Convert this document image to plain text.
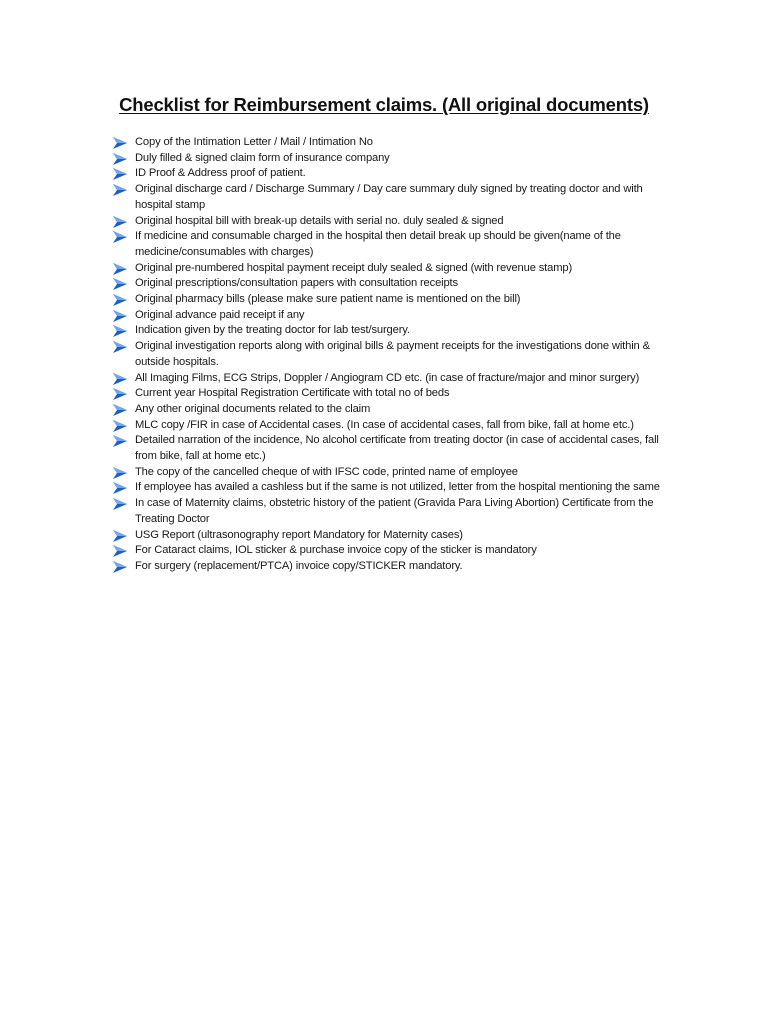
Checklist for Reimbursement claims. (All original documents)
Copy of the Intimation Letter / Mail / Intimation No
Duly filled & signed claim form of insurance company
ID Proof & Address proof of patient.
Original discharge card / Discharge Summary / Day care summary duly signed by treating doctor and with hospital stamp
Original hospital bill with break-up details with serial no. duly sealed & signed
If medicine and consumable charged in the hospital then detail break up should be given(name of the medicine/consumables with charges)
Original pre-numbered hospital payment receipt duly sealed & signed (with revenue stamp)
Original prescriptions/consultation papers with consultation receipts
Original pharmacy bills (please make sure patient name is mentioned on the bill)
Original advance paid receipt if any
Indication given by the treating doctor for lab test/surgery.
Original investigation reports along with original bills & payment receipts for the investigations done within & outside hospitals.
All Imaging Films, ECG Strips, Doppler / Angiogram CD etc. (in case of fracture/major and minor surgery)
Current year Hospital Registration Certificate with total no of beds
Any other original documents related to the claim
MLC copy /FIR in case of Accidental cases. (In case of accidental cases, fall from bike, fall at home etc.)
Detailed narration of the incidence, No alcohol certificate from treating doctor (in case of accidental cases, fall from bike, fall at home etc.)
The copy of the cancelled cheque of with IFSC code, printed name of employee
If employee has availed a cashless but if the same is not utilized, letter from the hospital mentioning the same
In case of Maternity claims, obstetric history of the patient (Gravida Para Living Abortion) Certificate from the Treating Doctor
USG Report (ultrasonography report Mandatory for Maternity cases)
For Cataract claims, IOL sticker & purchase invoice copy of the sticker is mandatory
For surgery (replacement/PTCA) invoice copy/STICKER mandatory.
